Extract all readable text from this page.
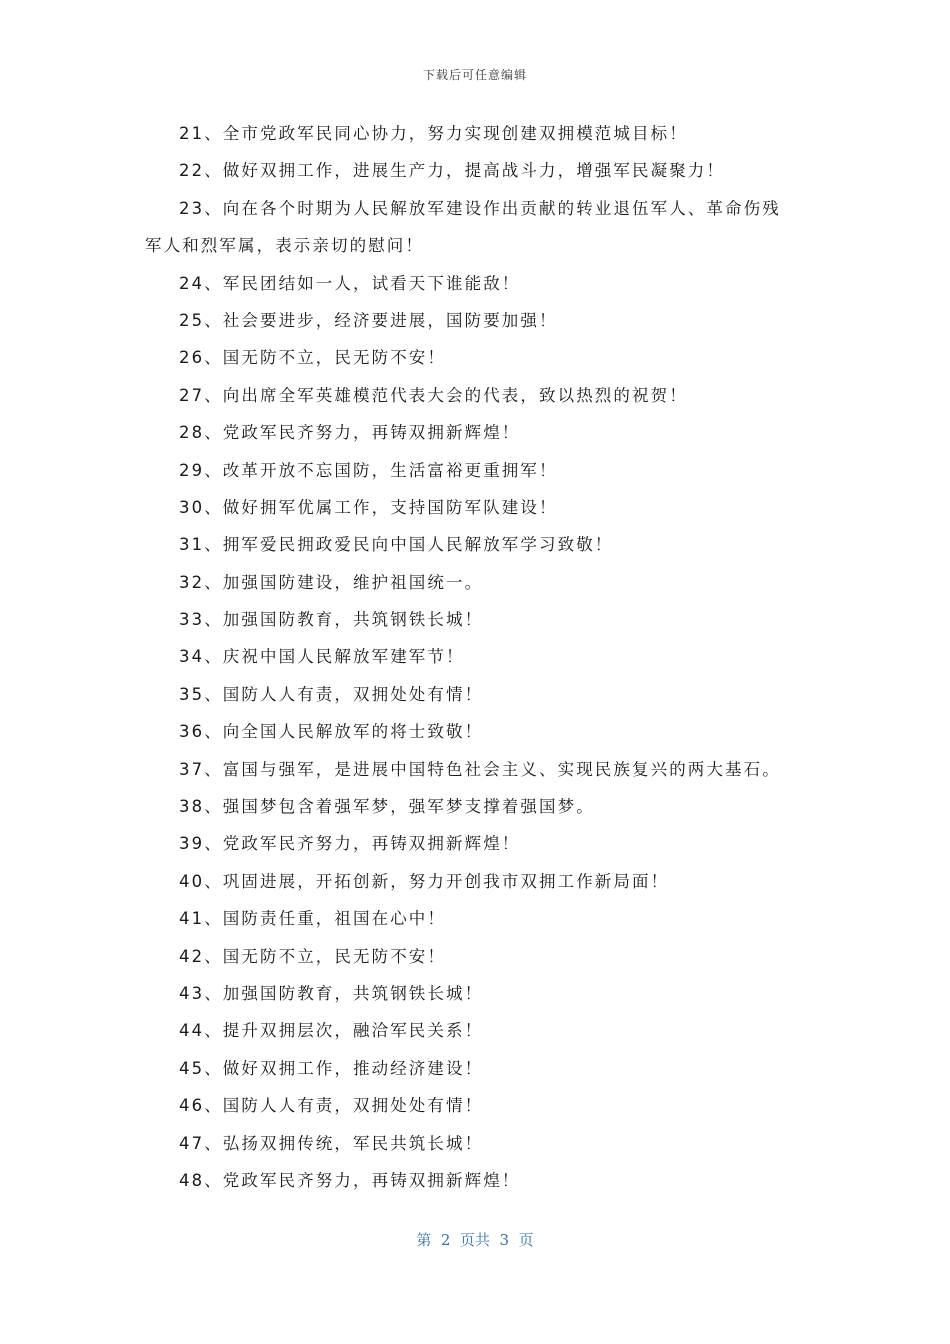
下载后可任意编辑
21、全市党政军民同心协力，努力实现创建双拥模范城目标！
22、做好双拥工作，进展生产力，提高战斗力，增强军民凝聚力！
23、向在各个时期为人民解放军建设作出贡献的转业退伍军人、革命伤残
军人和烈军属，表示亲切的慰问！
24、军民团结如一人，试看天下谁能敌！
25、社会要进步，经济要进展，国防要加强！
26、国无防不立，民无防不安！
27、向出席全军英雄模范代表大会的代表，致以热烈的祝贺！
28、党政军民齐努力，再铸双拥新辉煌！
29、改革开放不忘国防，生活富裕更重拥军！
30、做好拥军优属工作，支持国防军队建设！
31、拥军爱民拥政爱民向中国人民解放军学习致敬！
32、加强国防建设，维护祖国统一。
33、加强国防教育，共筑钢铁长城！
34、庆祝中国人民解放军建军节！
35、国防人人有责，双拥处处有情！
36、向全国人民解放军的将士致敬！
37、富国与强军，是进展中国特色社会主义、实现民族复兴的两大基石。
38、强国梦包含着强军梦，强军梦支撑着强国梦。
39、党政军民齐努力，再铸双拥新辉煌！
40、巩固进展，开拓创新，努力开创我市双拥工作新局面！
41、国防责任重，祖国在心中！
42、国无防不立，民无防不安！
43、加强国防教育，共筑钢铁长城！
44、提升双拥层次，融洽军民关系！
45、做好双拥工作，推动经济建设！
46、国防人人有责，双拥处处有情！
47、弘扬双拥传统，军民共筑长城！
48、党政军民齐努力，再铸双拥新辉煌！
第  2  页共  3  页
